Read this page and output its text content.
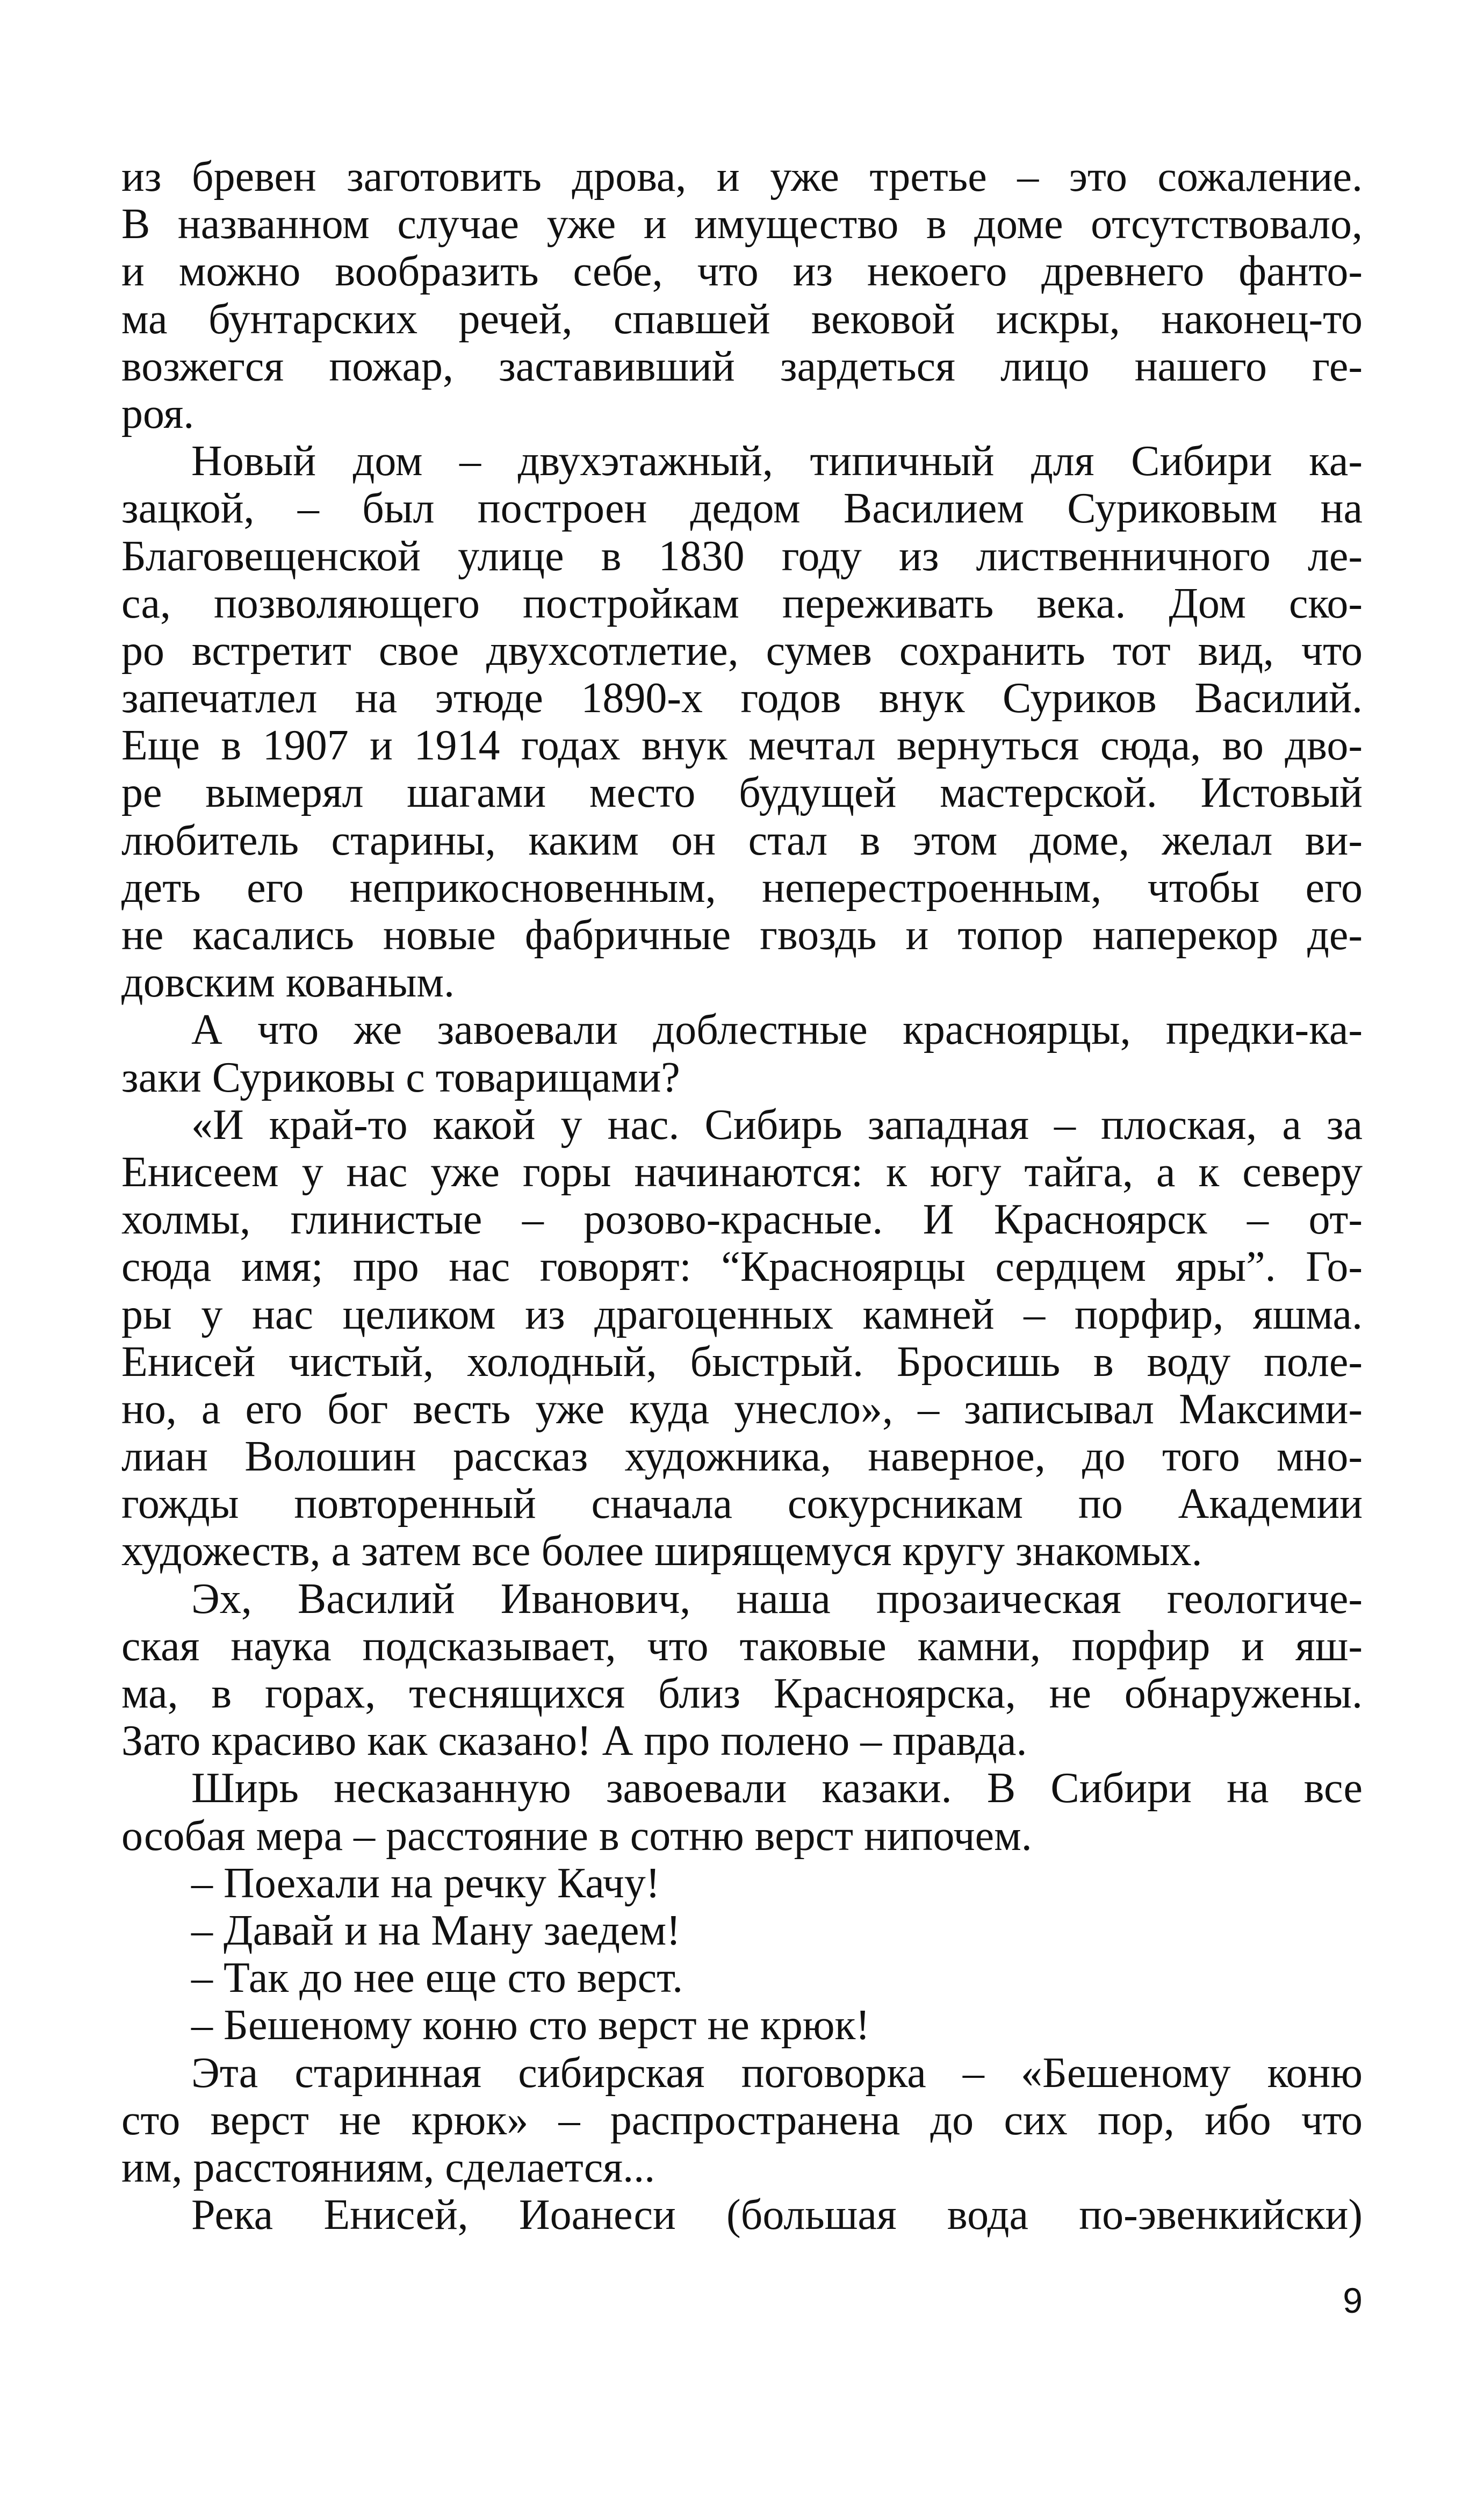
из бревен заготовить дрова, и уже третье – это сожаление.
В названном случае уже и имущество в доме отсутствовало,
и можно вообразить себе, что из некоего древнего фанто-
ма бунтарских речей, спавшей вековой искры, наконец-то
возжегся пожар, заставивший зардеться лицо нашего ге-
роя.
Новый дом – двухэтажный, типичный для Сибири ка-
зацкой, – был построен дедом Василием Суриковым на
Благовещенской улице в 1830 году из лиственничного ле-
са, позволяющего постройкам переживать века. Дом ско-
ро встретит свое двухсотлетие, сумев сохранить тот вид, что
запечатлел на этюде 1890-х годов внук Суриков Василий.
Еще в 1907 и 1914 годах внук мечтал вернуться сюда, во дво-
ре вымерял шагами место будущей мастерской. Истовый
любитель старины, каким он стал в этом доме, желал ви-
деть его неприкосновенным, неперестроенным, чтобы его
не касались новые фабричные гвоздь и топор наперекор де-
довским кованым.
А что же завоевали доблестные красноярцы, предки-ка-
заки Суриковы с товарищами?
«И край-то какой у нас. Сибирь западная – плоская, а за
Енисеем у нас уже горы начинаются: к югу тайга, а к северу
холмы, глинистые – розово-красные. И Красноярск – от-
сюда имя; про нас говорят: “Красноярцы сердцем яры”. Го-
ры у нас целиком из драгоценных камней – порфир, яшма.
Енисей чистый, холодный, быстрый. Бросишь в воду поле-
но, а его бог весть уже куда унесло», – записывал Максими-
лиан Волошин рассказ художника, наверное, до того мно-
гожды повторенный сначала сокурсникам по Академии
художеств, а затем все более ширящемуся кругу знакомых.
Эх, Василий Иванович, наша прозаическая геологиче-
ская наука подсказывает, что таковые камни, порфир и яш-
ма, в горах, теснящихся близ Красноярска, не обнаружены.
Зато красиво как сказано! А про полено – правда.
Ширь несказанную завоевали казаки. В Сибири на все
особая мера – расстояние в сотню верст нипочем.
– Поехали на речку Качу!
– Давай и на Ману заедем!
– Так до нее еще сто верст.
– Бешеному коню сто верст не крюк!
Эта старинная сибирская поговорка – «Бешеному коню
сто верст не крюк» – распространена до сих пор, ибо что
им, расстояниям, сделается...
Река Енисей, Иоанеси (большая вода по-эвенкийски)
9
